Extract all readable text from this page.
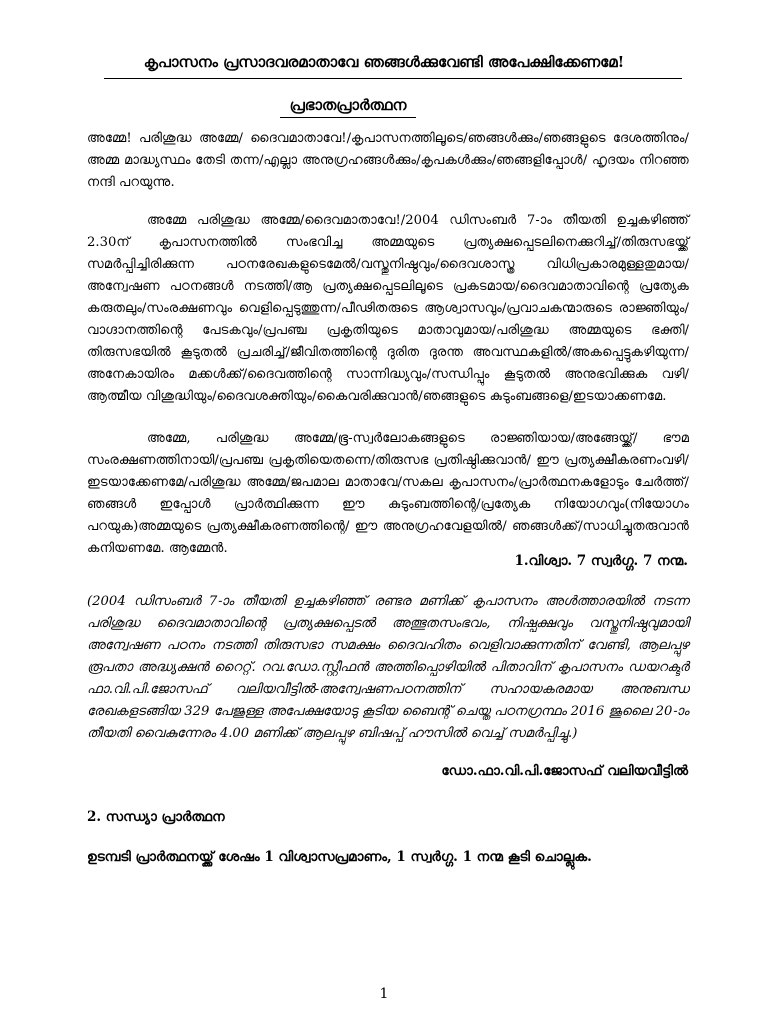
കൃപാസനം പ്രസാദവരമാതാവേ ഞങ്ങൾക്കുവേണ്ടി അപേക്ഷിക്കേണമേ!
പ്രഭാതപ്രാർത്ഥന

അമ്മേ! പരിശുദ്ധ അമ്മേ/ ദൈവമാതാവേ!/കൃപാസനത്തിലൂടെ/ഞങ്ങൾക്കും/ഞങ്ങളുടെ ദേശത്തിനും/അമ്മ മാദ്ധ്യസ്ഥം തേടി തന്ന/എല്ലാ അനുഗ്രഹങ്ങൾക്കും/കൃപകൾക്കും/ഞങ്ങളിപ്പോൾ/ ഹൃദയം നിറഞ്ഞ നന്ദി പറയുന്നു.

അമ്മേ പരിശുദ്ധ അമ്മേ/ദൈവമാതാവേ!/2004 ഡിസംബർ 7-ാം തീയതി ഉച്ചകഴിഞ്ഞ് 2.30ന് കൃപാസനത്തിൽ സംഭവിച്ച അമ്മയുടെ പ്രത്യക്ഷപ്പെടലിനെക്കുറിച്ച്/തിരുസഭയ്ക്ക് സമർപ്പിച്ചിരിക്കുന്ന പഠനരേഖകളുടെമേൽ/വസ്തുനിഷ്ഠവും/ദൈവശാസ്ത്ര വിധിപ്രകാരമുള്ളതുമായ/അന്വേഷണ പഠനങ്ങൾ നടത്തി/ആ പ്രത്യക്ഷപ്പെടലിലൂടെ പ്രകടമായ/ദൈവമാതാവിന്റെ പ്രത്യേക കരുതലും/സംരക്ഷണവും വെളിപ്പെടുത്തുന്ന/പീഢിതരുടെ ആശ്വാസവും/പ്രവാചകന്മാരുടെ രാജ്ഞിയും/വാഗ്ദാനത്തിന്റെ പേടകവും/പ്രപഞ്ച പ്രകൃതിയുടെ മാതാവുമായ/പരിശുദ്ധ അമ്മയുടെ ഭക്തി/തിരുസഭയിൽ കൂടുതൽ പ്രചരിച്ച്/ജീവിതത്തിന്റെ ദുരിത ദുരന്ത അവസ്ഥകളിൽ/അകപ്പെട്ടുകഴിയുന്ന/അനേകായിരം മക്കൾക്ക്/ദൈവത്തിന്റെ സാന്നിദ്ധ്യവും/സന്ധിപ്പും കൂടുതൽ അനുഭവിക്കുക വഴി/ആത്മീയ വിശുദ്ധിയും/ദൈവശക്തിയും/കൈവരിക്കുവാൻ/ഞങ്ങളുടെ കുടുംബങ്ങളെ/ഇടയാക്കണമേ.

അമ്മേ, പരിശുദ്ധ അമ്മേ/ഭൂ-സ്വർലോകങ്ങളുടെ രാജ്ഞിയായ/അങ്ങേയ്ക്ക്/ ഭൗമ സംരക്ഷണത്തിനായി/പ്രപഞ്ച പ്രകൃതിയെതന്നെ/തിരുസഭ പ്രതിഷ്ഠിക്കുവാൻ/ ഈ പ്രത്യക്ഷീകരണംവഴി/ഇടയാക്കേണമേ/പരിശുദ്ധ അമ്മേ/ജപമാല മാതാവേ/സകല കൃപാസനം/പ്രാർത്ഥനകളോടും ചേർത്ത്/ ഞങ്ങൾ ഇപ്പോൾ പ്രാർത്ഥിക്കുന്ന ഈ കുടുംബത്തിന്റെ/പ്രത്യേക നിയോഗവും(നിയോഗം പറയുക)അമ്മയുടെ പ്രത്യക്ഷീകരണത്തിന്റെ/ ഈ അനുഗ്രഹവേളയിൽ/ ഞങ്ങൾക്ക്/സാധിച്ചുതരുവാൻ കനിയണമേ. ആമ്മേൻ.

1.വിശ്വാ. 7 സ്വർഗ്ഗ. 7 നന്മ.

(2004 ഡിസംബർ 7-ാം തീയതി ഉച്ചകഴിഞ്ഞ് രണ്ടര മണിക്ക് കൃപാസനം അൾത്താരയിൽ നടന്ന പരിശുദ്ധ ദൈവമാതാവിന്റെ പ്രത്യക്ഷപ്പെടൽ അത്ഭുതസംഭവം, നിഷ്പക്ഷവും വസ്തുനിഷ്ഠവുമായി അന്വേഷണ പഠനം നടത്തി തിരുസഭാ സമക്ഷം ദൈവഹിതം വെളിവാക്കുന്നതിന് വേണ്ടി, ആലപ്പുഴ രൂപതാ അദ്ധ്യക്ഷൻ റൈറ്റ്. റവ.ഡോ.സ്റ്റീഫൻ അത്തിപ്പൊഴിയിൽ പിതാവിന് കൃപാസനം ഡയറക്ടർ ഫാ.വി.പി.ജോസഫ് വലിയവീട്ടിൽ-അന്വേഷണപഠനത്തിന് സഹായകരമായ അനുബന്ധ രേഖകളടങ്ങിയ 329 പേജുള്ള അപേക്ഷയോടു കൂടിയ ബൈന്റ് ചെയ്ത പഠനഗ്രന്ഥം 2016 ജൂലൈ 20-ാം തീയതി വൈകുന്നേരം 4.00 മണിക്ക് ആലപ്പുഴ ബിഷപ്പ് ഹൗസിൽ വെച്ച് സമർപ്പിച്ചു.)

ഡോ.ഫാ.വി.പി.ജോസഫ് വലിയവീട്ടിൽ
2. സന്ധ്യാ പ്രാർത്ഥന
ഉടമ്പടി പ്രാർത്ഥനയ്ക്ക് ശേഷം 1 വിശ്വാസപ്രമാണം, 1 സ്വർഗ്ഗ. 1 നന്മ കൂടി ചൊല്ലുക.
1
